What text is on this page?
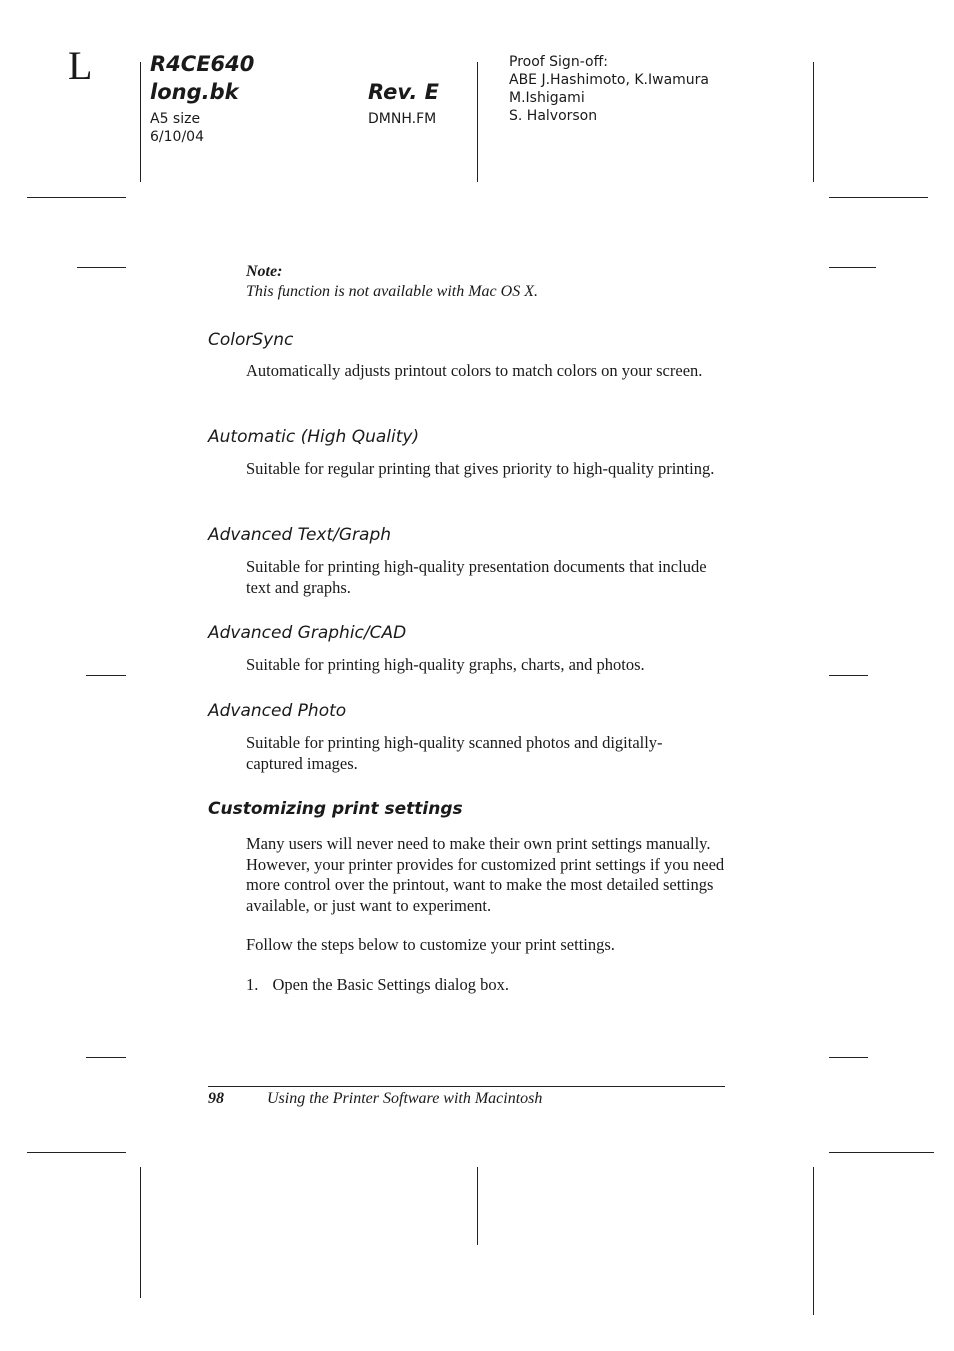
L	R4CE640
long.bk
A5 size
6/10/04
Rev. E
DMNH.FM
Proof Sign-off:
ABE J.Hashimoto, K.Iwamura
M.Ishigami
S. Halvorson
Note:
This function is not available with Mac OS X.
ColorSync
Automatically adjusts printout colors to match colors on your screen.
Automatic (High Quality)
Suitable for regular printing that gives priority to high-quality printing.
Advanced Text/Graph
Suitable for printing high-quality presentation documents that include text and graphs.
Advanced Graphic/CAD
Suitable for printing high-quality graphs, charts, and photos.
Advanced Photo
Suitable for printing high-quality scanned photos and digitally-captured images.
Customizing print settings
Many users will never need to make their own print settings manually. However, your printer provides for customized print settings if you need more control over the printout, want to make the most detailed settings available, or just want to experiment.
Follow the steps below to customize your print settings.
1. Open the Basic Settings dialog box.
98	Using the Printer Software with Macintosh
